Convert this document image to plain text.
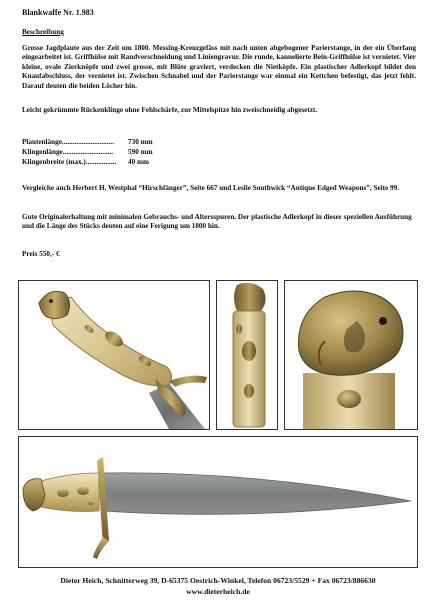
Blankwaffe Nr. 1.983
Beschreibung
Grosse Jagdplaute aus der Zeit um 1800. Messing-Kreuzgefäss mit nach unten abgebogener Parierstange, in der ein Überfang eingearbeitet ist. Griffhülse mit Randverschneidung und Liniengravur. Die runde, kannelierte Bein-Griffhülse ist vernietet. Vier kleine, ovale Zierknöpfe und zwei grosse, mit Blüte graviert, verdecken die Nietköpfe. Ein plastischer Adlerkopf bildet den Knaufabschluss, der vernietet ist. Zwischen Schnabel und der Parierstange war einmal ein Kettchen befestigt, das jetzt fehlt. Darauf deuten die beiden Löcher hin.
Leicht gekrümmte Rückenklinge ohne Fehlschärfe, zur Mittelspitze hin zweischneidig abgesetzt.
Plautenlänge............................. 730 mm
Klingenlänge............................ 590 mm
Klingenbreite (max.)................. 40 mm
Vergleiche auch Herbert H. Westphal “Hirschfänger”, Seite 667 und Leslie Southwick “Antique Edged Weapons”, Seite 99.
Gute Originalerhaltung mit minimalen Gebrauchs- und Altersspuren. Der plastische Adlerkopf in dieser speziellen Ausführung und die Länge des Stücks deuten auf eine Ferigung um 1800 hin.
Preis 550,- €
Dieter Heich, Schnitterweg 39, D-65375 Oestrich-Winkel, Telefon 06723/5529 + Fax 06723/886630
www.dieterheich.de
